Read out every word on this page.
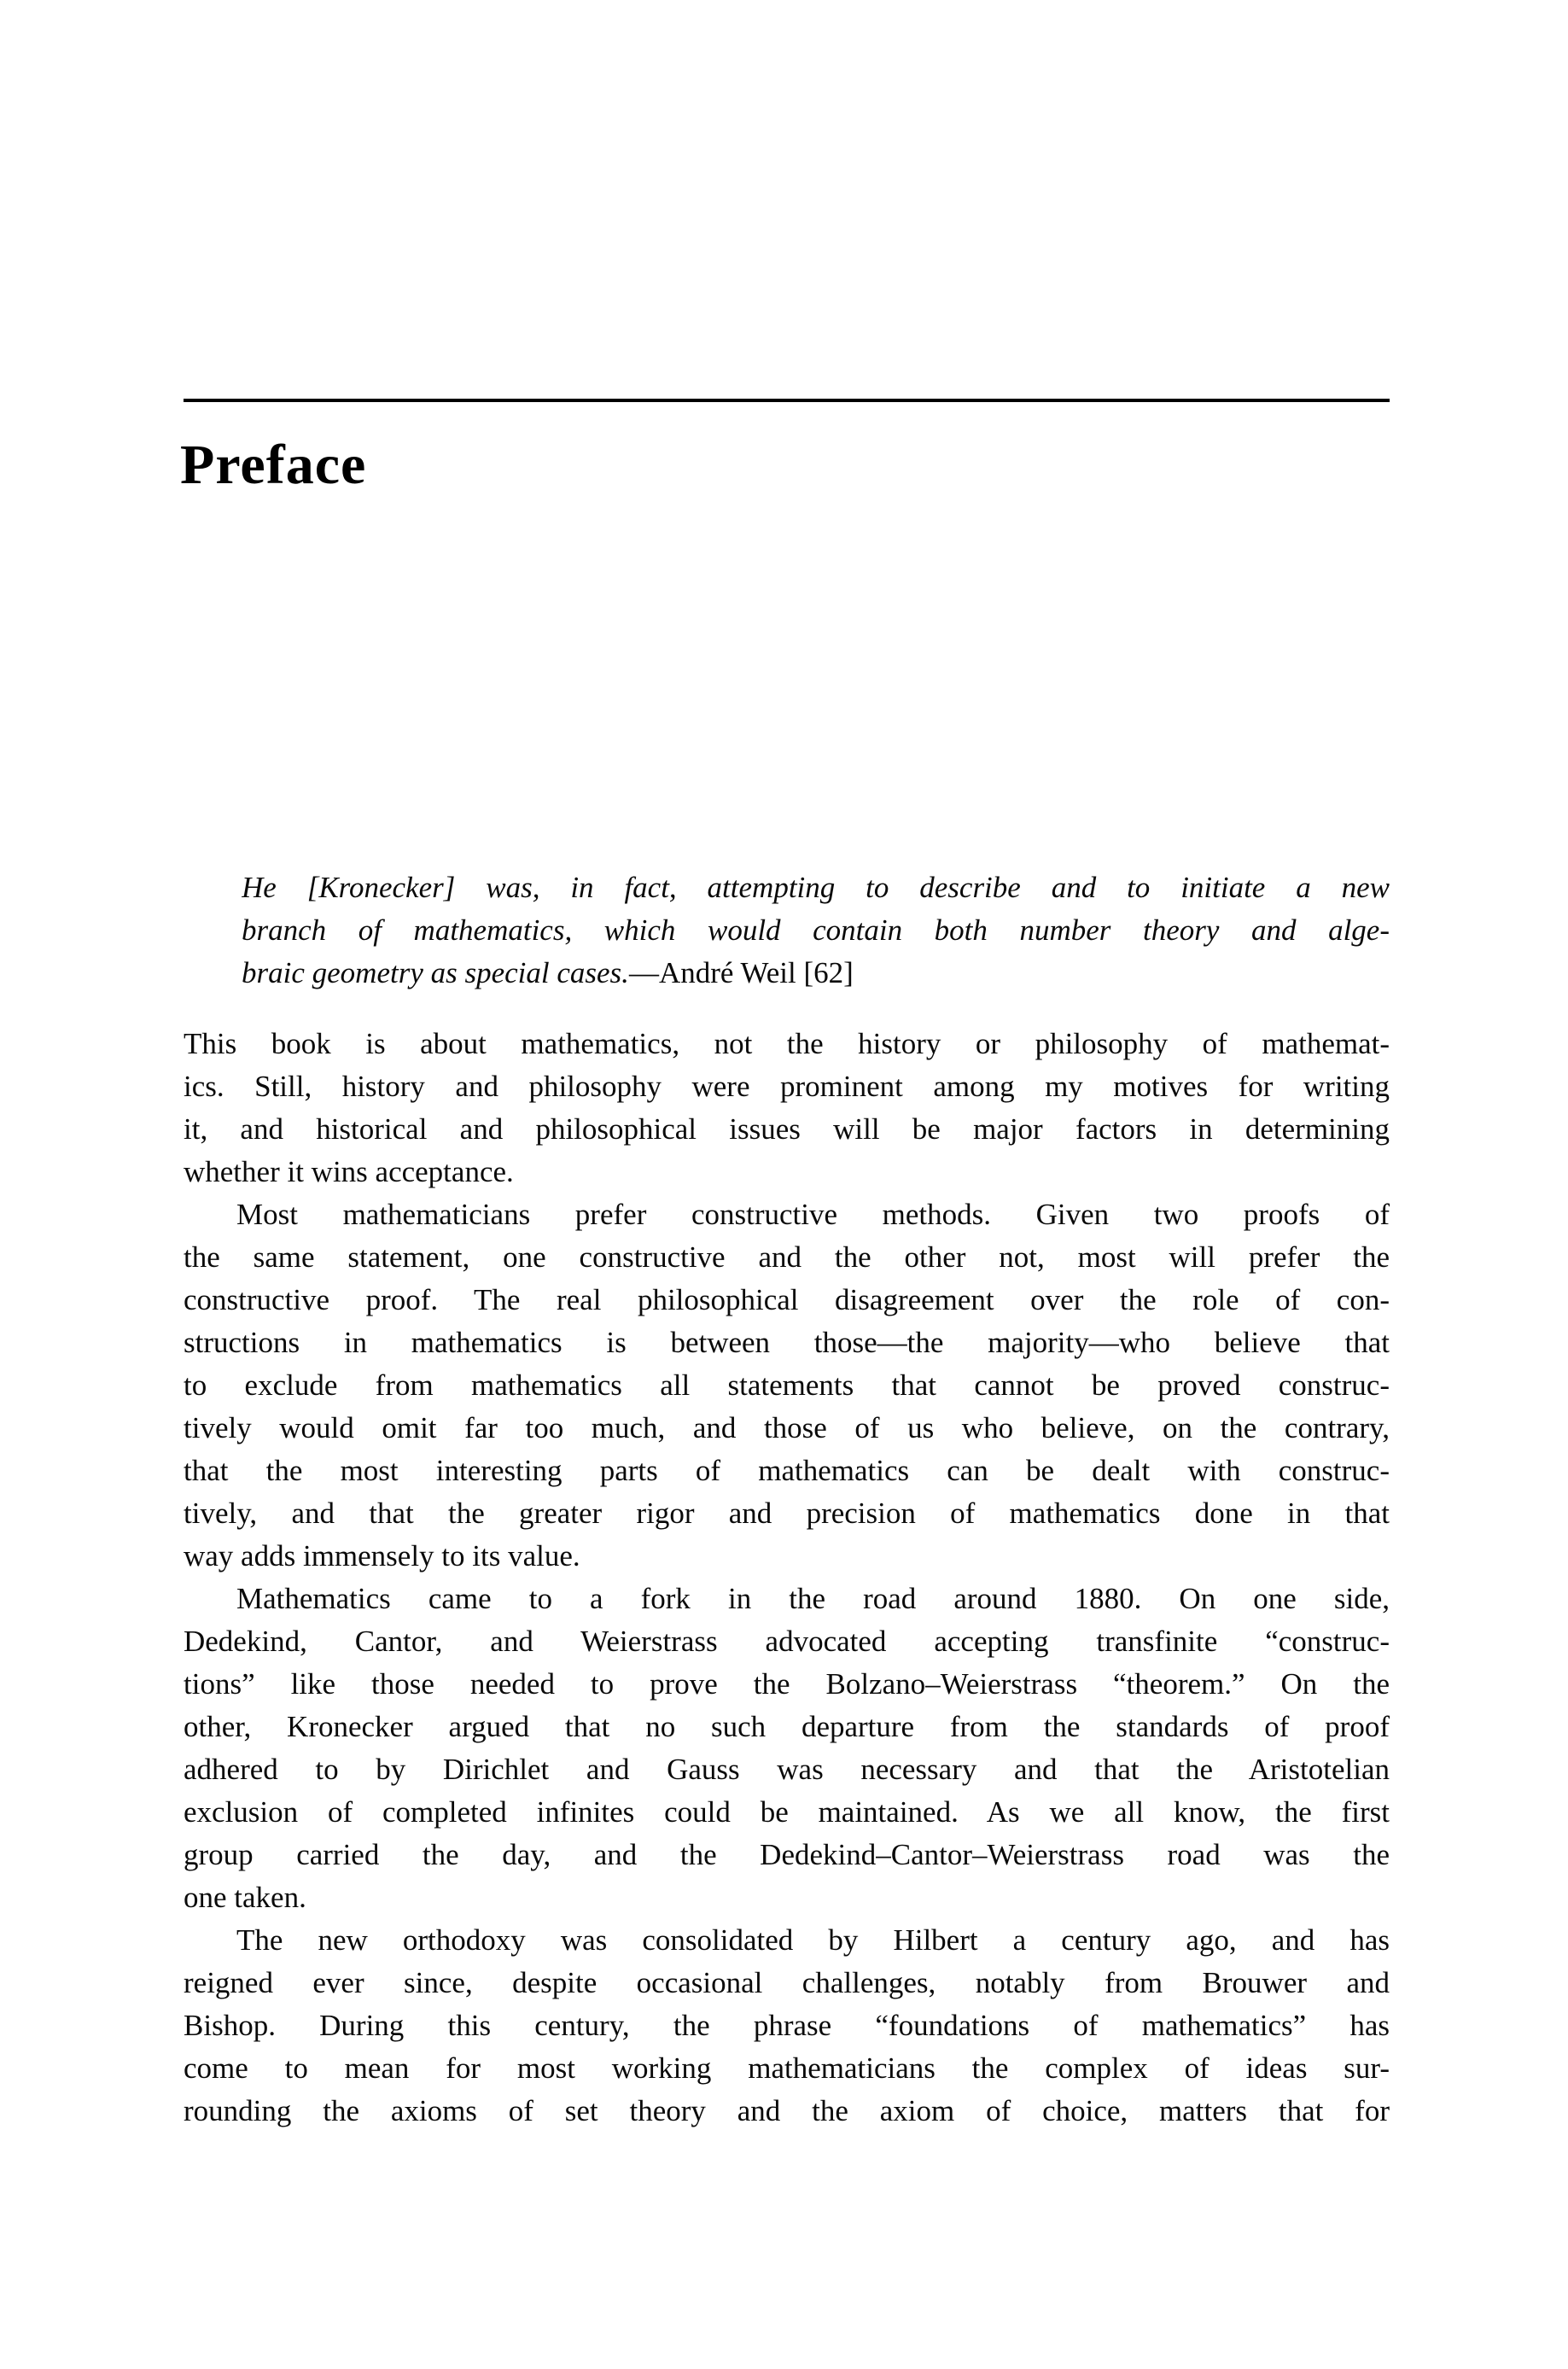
Preface
He [Kronecker] was, in fact, attempting to describe and to initiate a new
branch of mathematics, which would contain both number theory and alge-
braic geometry as special cases.—André Weil [62]
This book is about mathematics, not the history or philosophy of mathemat-
ics. Still, history and philosophy were prominent among my motives for writing
it, and historical and philosophical issues will be major factors in determining
whether it wins acceptance.
Most mathematicians prefer constructive methods. Given two proofs of
the same statement, one constructive and the other not, most will prefer the
constructive proof. The real philosophical disagreement over the role of con-
structions in mathematics is between those—the majority—who believe that
to exclude from mathematics all statements that cannot be proved construc-
tively would omit far too much, and those of us who believe, on the contrary,
that the most interesting parts of mathematics can be dealt with construc-
tively, and that the greater rigor and precision of mathematics done in that
way adds immensely to its value.
Mathematics came to a fork in the road around 1880. On one side,
Dedekind, Cantor, and Weierstrass advocated accepting transfinite “construc-
tions” like those needed to prove the Bolzano–Weierstrass “theorem.” On the
other, Kronecker argued that no such departure from the standards of proof
adhered to by Dirichlet and Gauss was necessary and that the Aristotelian
exclusion of completed infinites could be maintained. As we all know, the first
group carried the day, and the Dedekind–Cantor–Weierstrass road was the
one taken.
The new orthodoxy was consolidated by Hilbert a century ago, and has
reigned ever since, despite occasional challenges, notably from Brouwer and
Bishop. During this century, the phrase “foundations of mathematics” has
come to mean for most working mathematicians the complex of ideas sur-
rounding the axioms of set theory and the axiom of choice, matters that for
